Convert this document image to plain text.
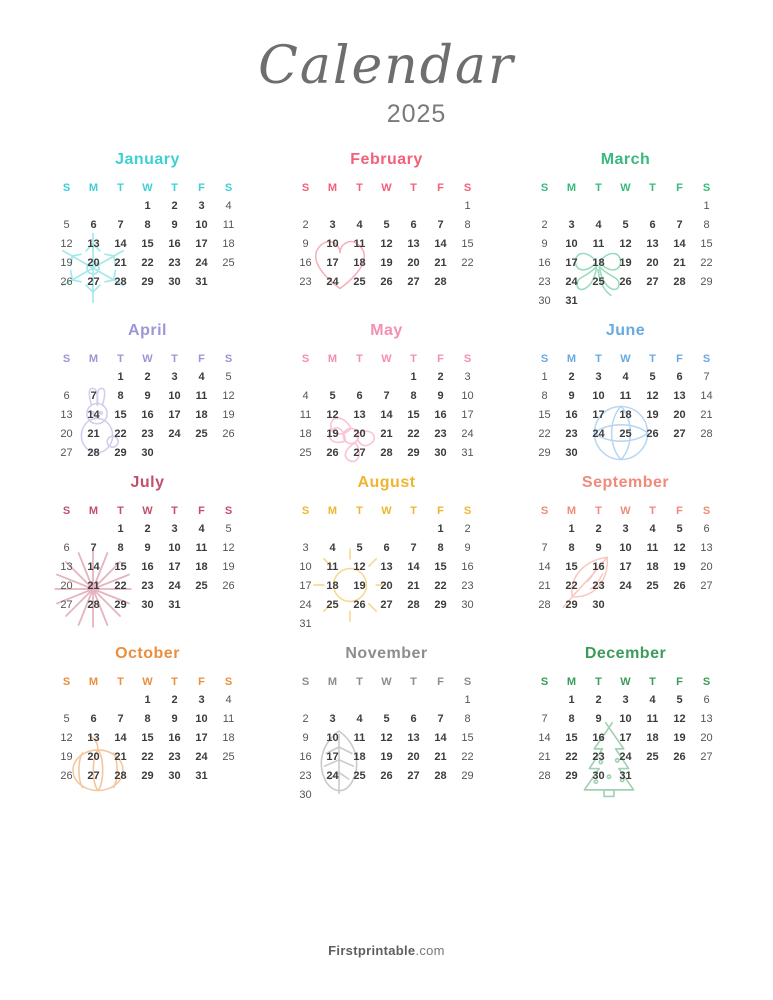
Calendar
2025
January
S	M	T	W	T	F	S
			1	2	3	4
5	6	7	8	9	10	11
12	13	14	15	16	17	18
19	20	21	22	23	24	25
26	27	28	29	30	31	
February
S	M	T	W	T	F	S
						1
2	3	4	5	6	7	8
9	10	11	12	13	14	15
16	17	18	19	20	21	22
23	24	25	26	27	28	
March
S	M	T	W	T	F	S
						1
2	3	4	5	6	7	8
9	10	11	12	13	14	15
16	17	18	19	20	21	22
23	24	25	26	27	28	29
30	31					
April
S	M	T	W	T	F	S
		1	2	3	4	5
6	7	8	9	10	11	12
13	14	15	16	17	18	19
20	21	22	23	24	25	26
27	28	29	30			
May
S	M	T	W	T	F	S
				1	2	3
4	5	6	7	8	9	10
11	12	13	14	15	16	17
18	19	20	21	22	23	24
25	26	27	28	29	30	31
June
S	M	T	W	T	F	S
1	2	3	4	5	6	7
8	9	10	11	12	13	14
15	16	17	18	19	20	21
22	23	24	25	26	27	28
29	30					
July
S	M	T	W	T	F	S
		1	2	3	4	5
6	7	8	9	10	11	12
13	14	15	16	17	18	19
20	21	22	23	24	25	26
27	28	29	30	31		
August
S	M	T	W	T	F	S
					1	2
3	4	5	6	7	8	9
10	11	12	13	14	15	16
17	18	19	20	21	22	23
24	25	26	27	28	29	30
31						
September
S	M	T	W	T	F	S
	1	2	3	4	5	6
7	8	9	10	11	12	13
14	15	16	17	18	19	20
21	22	23	24	25	26	27
28	29	30				
October
S	M	T	W	T	F	S
			1	2	3	4
5	6	7	8	9	10	11
12	13	14	15	16	17	18
19	20	21	22	23	24	25
26	27	28	29	30	31	
November
S	M	T	W	T	F	S
						1
2	3	4	5	6	7	8
9	10	11	12	13	14	15
16	17	18	19	20	21	22
23	24	25	26	27	28	29
30						
December
S	M	T	W	T	F	S
	1	2	3	4	5	6
7	8	9	10	11	12	13
14	15	16	17	18	19	20
21	22	23	24	25	26	27
28	29	30	31			
Firstprintable.com
